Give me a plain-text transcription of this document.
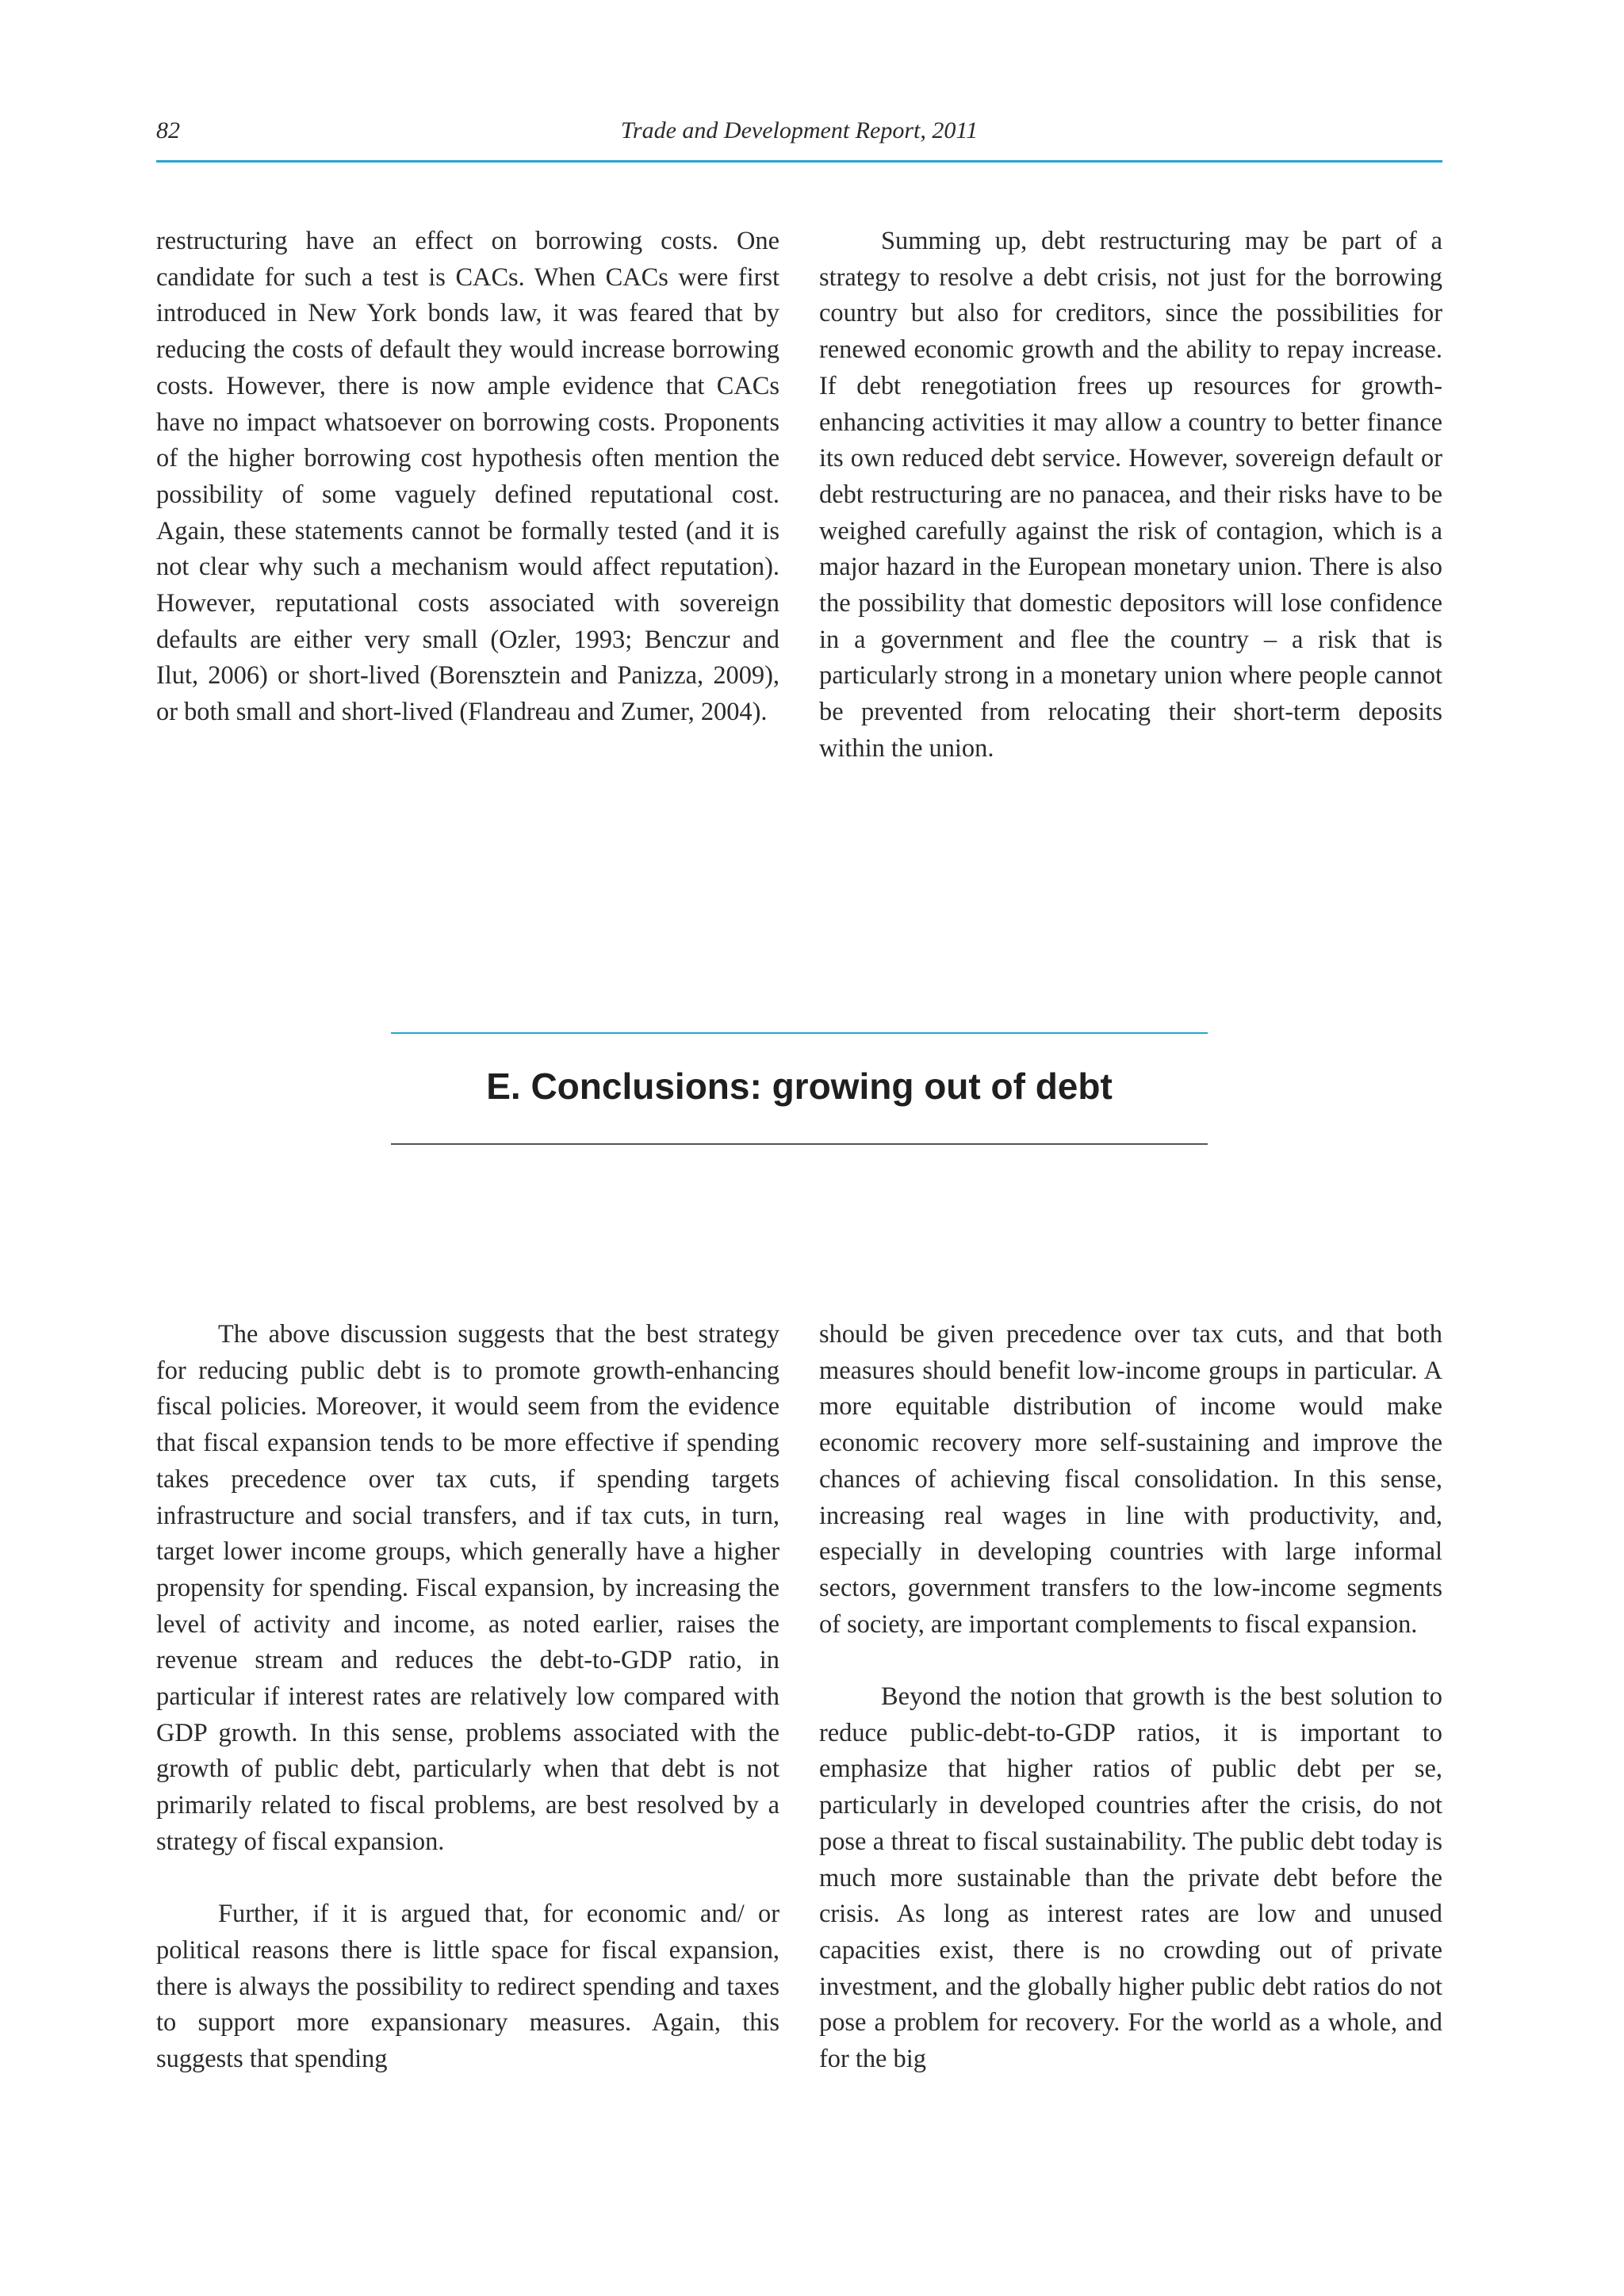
82	Trade and Development Report, 2011

restructuring have an effect on borrowing costs. One candidate for such a test is CACs. When CACs were first introduced in New York bonds law, it was feared that by reducing the costs of default they would increase borrowing costs. However, there is now ample evidence that CACs have no impact whatsoever on borrowing costs. Proponents of the higher borrowing cost hypothesis often mention the possibility of some vaguely defined reputational cost. Again, these statements cannot be formally tested (and it is not clear why such a mechanism would affect reputation). However, reputational costs associated with sovereign defaults are either very small (Ozler, 1993; Benczur and Ilut, 2006) or short-lived (Borensztein and Panizza, 2009), or both small and short-lived (Flandreau and Zumer, 2004).

Summing up, debt restructuring may be part of a strategy to resolve a debt crisis, not just for the borrowing country but also for creditors, since the possibilities for renewed economic growth and the ability to repay increase. If debt renegotiation frees up resources for growth-enhancing activities it may allow a country to better finance its own reduced debt service. However, sovereign default or debt restructuring are no panacea, and their risks have to be weighed carefully against the risk of contagion, which is a major hazard in the European monetary union. There is also the possibility that domestic depositors will lose confidence in a government and flee the country – a risk that is particularly strong in a monetary union where people cannot be prevented from relocating their short-term deposits within the union.

E. Conclusions: growing out of debt

The above discussion suggests that the best strategy for reducing public debt is to promote growth-enhancing fiscal policies. Moreover, it would seem from the evidence that fiscal expansion tends to be more effective if spending takes precedence over tax cuts, if spending targets infrastructure and social transfers, and if tax cuts, in turn, target lower income groups, which generally have a higher propensity for spending. Fiscal expansion, by increasing the level of activity and income, as noted earlier, raises the revenue stream and reduces the debt-to-GDP ratio, in particular if interest rates are relatively low compared with GDP growth. In this sense, problems associated with the growth of public debt, particularly when that debt is not primarily related to fiscal problems, are best resolved by a strategy of fiscal expansion.

Further, if it is argued that, for economic and/ or political reasons there is little space for fiscal expansion, there is always the possibility to redirect spending and taxes to support more expansionary measures. Again, this suggests that spending

should be given precedence over tax cuts, and that both measures should benefit low-income groups in particular. A more equitable distribution of income would make economic recovery more self-sustaining and improve the chances of achieving fiscal consolidation. In this sense, increasing real wages in line with productivity, and, especially in developing countries with large informal sectors, government transfers to the low-income segments of society, are important complements to fiscal expansion.

Beyond the notion that growth is the best solution to reduce public-debt-to-GDP ratios, it is important to emphasize that higher ratios of public debt per se, particularly in developed countries after the crisis, do not pose a threat to fiscal sustainability. The public debt today is much more sustainable than the private debt before the crisis. As long as interest rates are low and unused capacities exist, there is no crowding out of private investment, and the globally higher public debt ratios do not pose a problem for recovery. For the world as a whole, and for the big
